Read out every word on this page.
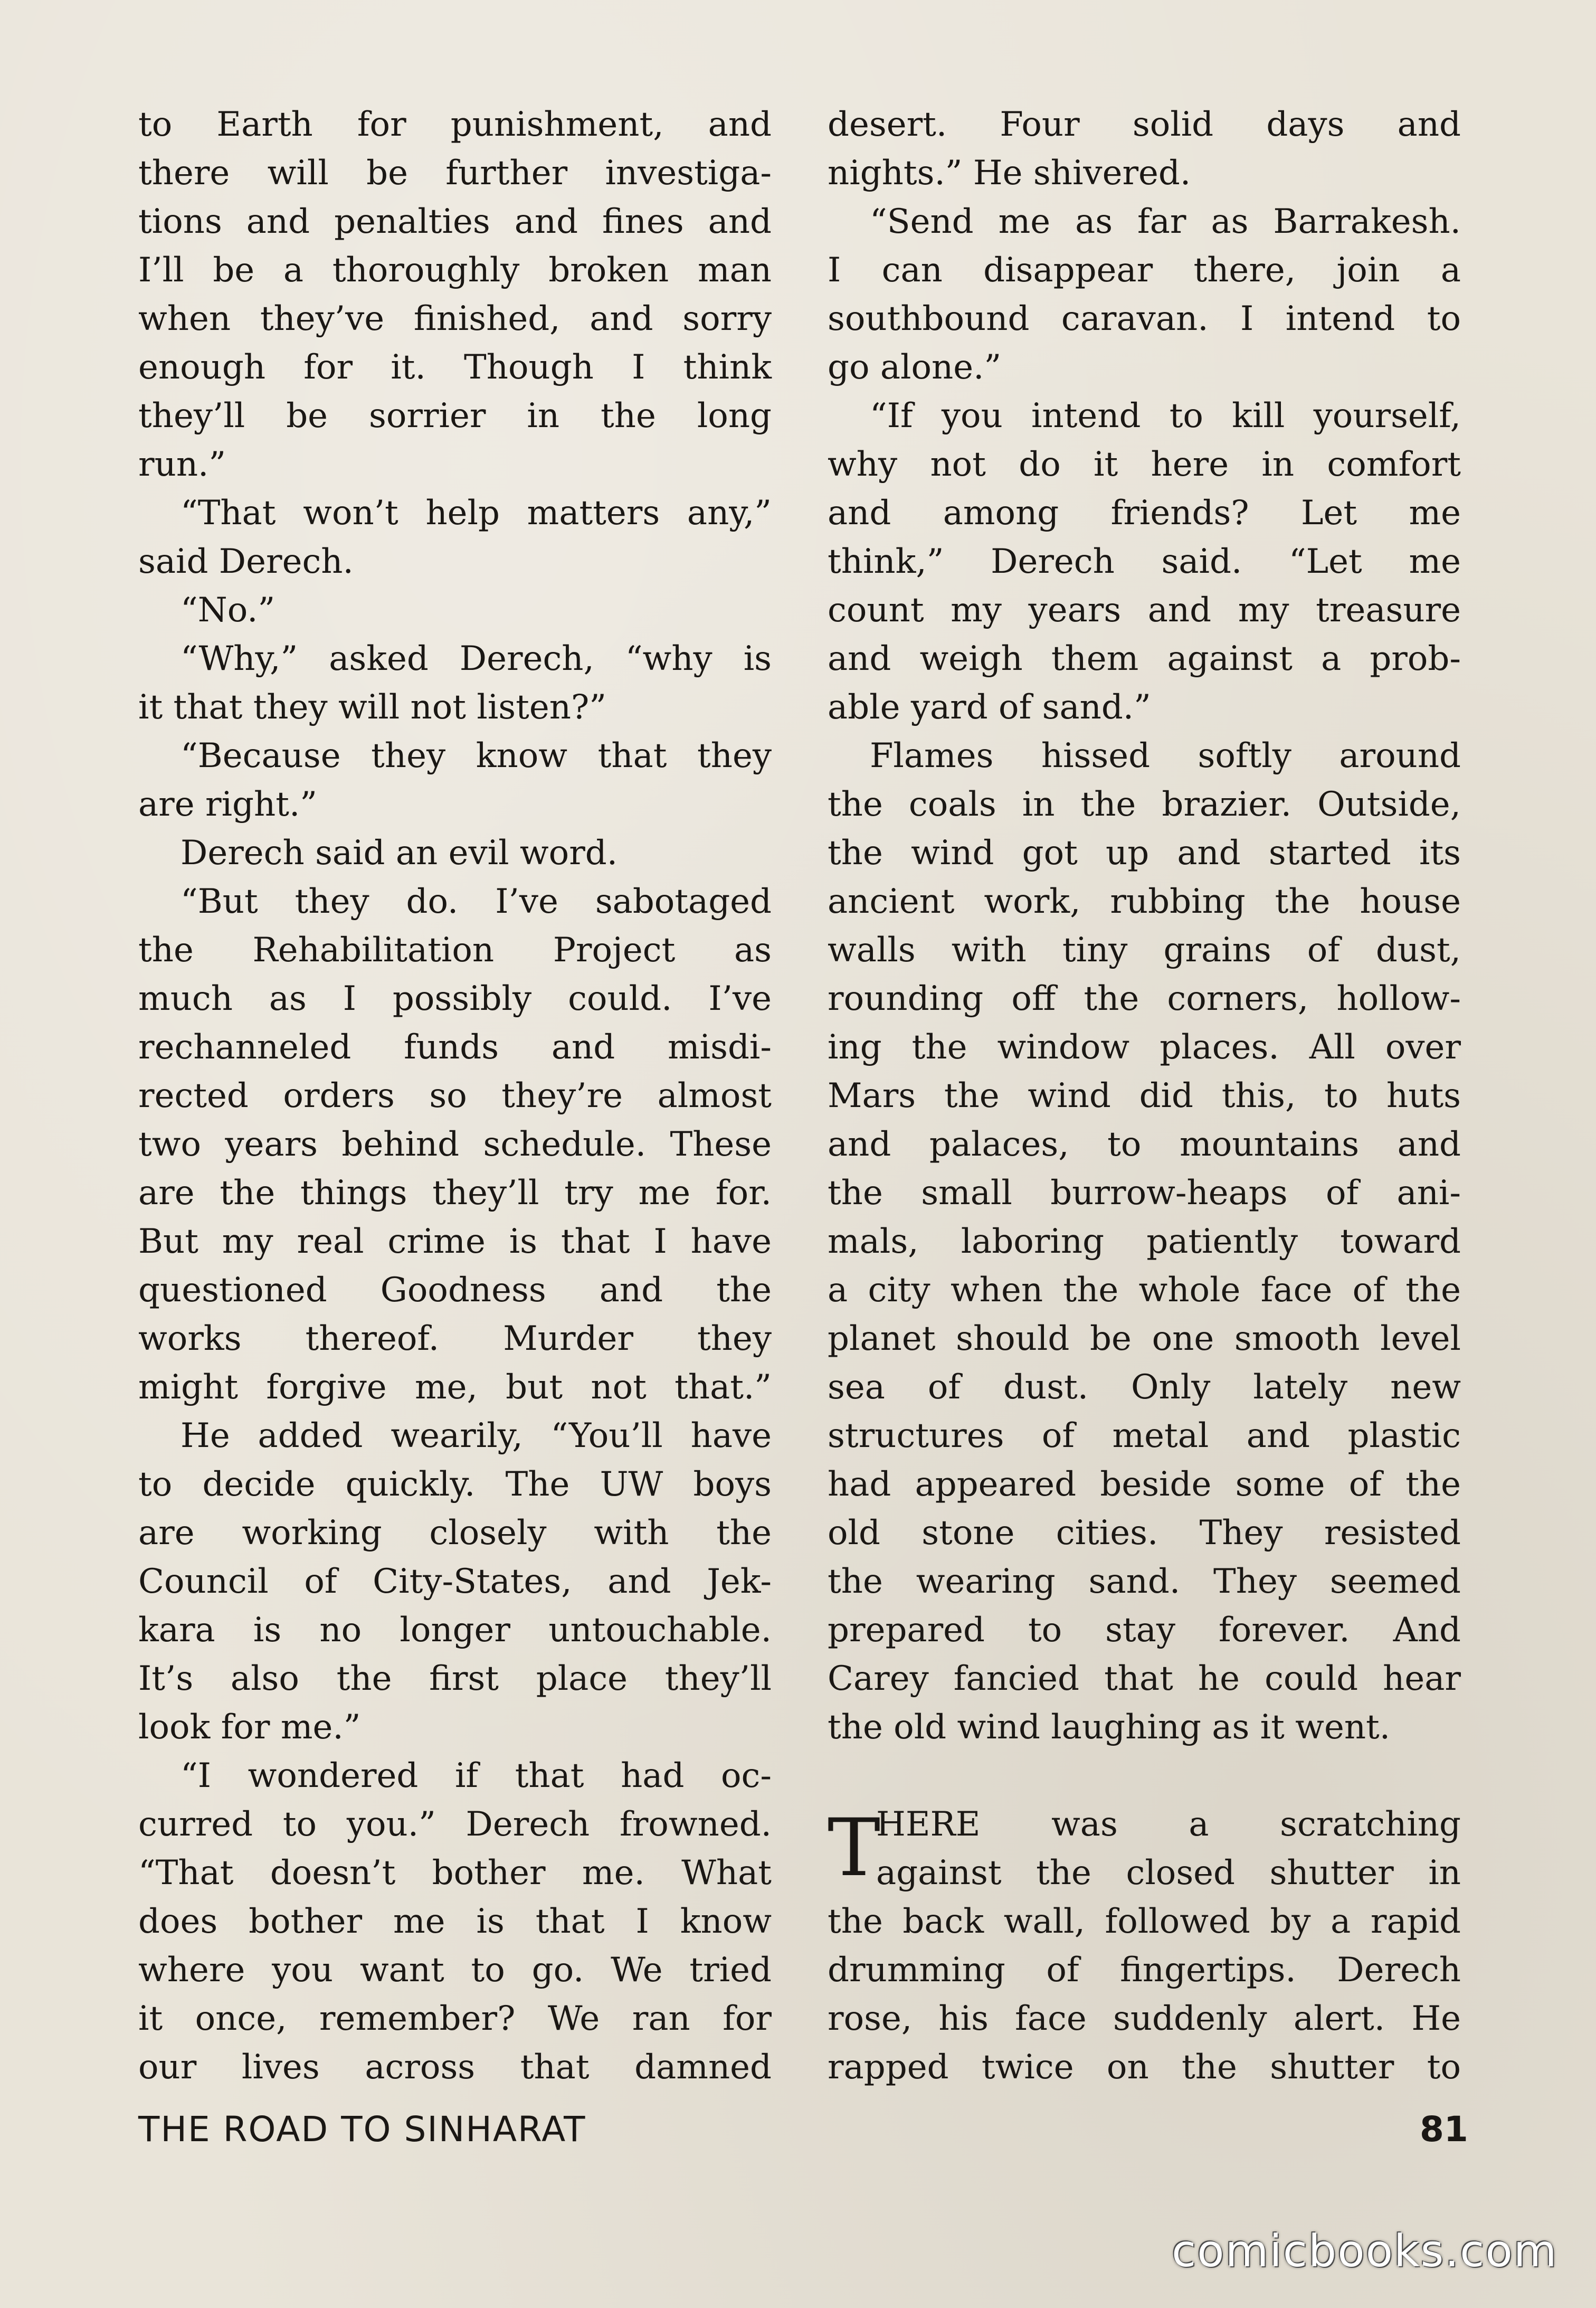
to Earth for punishment, and
there will be further investiga-
tions and penalties and fines and
I’ll be a thoroughly broken man
when they’ve finished, and sorry
enough for it. Though I think
they’ll be sorrier in the long
run.”
“That won’t help matters any,”
said Derech.
“No.”
“Why,” asked Derech, “why is
it that they will not listen?”
“Because they know that they
are right.”
Derech said an evil word.
“But they do. I’ve sabotaged
the Rehabilitation Project as
much as I possibly could. I’ve
rechanneled funds and misdi-
rected orders so they’re almost
two years behind schedule. These
are the things they’ll try me for.
But my real crime is that I have
questioned Goodness and the
works thereof. Murder they
might forgive me, but not that.”
He added wearily, “You’ll have
to decide quickly. The UW boys
are working closely with the
Council of City-States, and Jek-
kara is no longer untouchable.
It’s also the first place they’ll
look for me.”
“I wondered if that had oc-
curred to you.” Derech frowned.
“That doesn’t bother me. What
does bother me is that I know
where you want to go. We tried
it once, remember? We ran for
our lives across that damned
desert. Four solid days and
nights.” He shivered.
“Send me as far as Barrakesh.
I can disappear there, join a
southbound caravan. I intend to
go alone.”
“If you intend to kill yourself,
why not do it here in comfort
and among friends? Let me
think,” Derech said. “Let me
count my years and my treasure
and weigh them against a prob-
able yard of sand.”
Flames hissed softly around
the coals in the brazier. Outside,
the wind got up and started its
ancient work, rubbing the house
walls with tiny grains of dust,
rounding off the corners, hollow-
ing the window places. All over
Mars the wind did this, to huts
and palaces, to mountains and
the small burrow-heaps of ani-
mals, laboring patiently toward
a city when the whole face of the
planet should be one smooth level
sea of dust. Only lately new
structures of metal and plastic
had appeared beside some of the
old stone cities. They resisted
the wearing sand. They seemed
prepared to stay forever. And
Carey fancied that he could hear
the old wind laughing as it went.
T
HERE was a scratching
against the closed shutter in
the back wall, followed by a rapid
drumming of fingertips. Derech
rose, his face suddenly alert. He
rapped twice on the shutter to
THE ROAD TO SINHARAT	81
comicbooks.com
